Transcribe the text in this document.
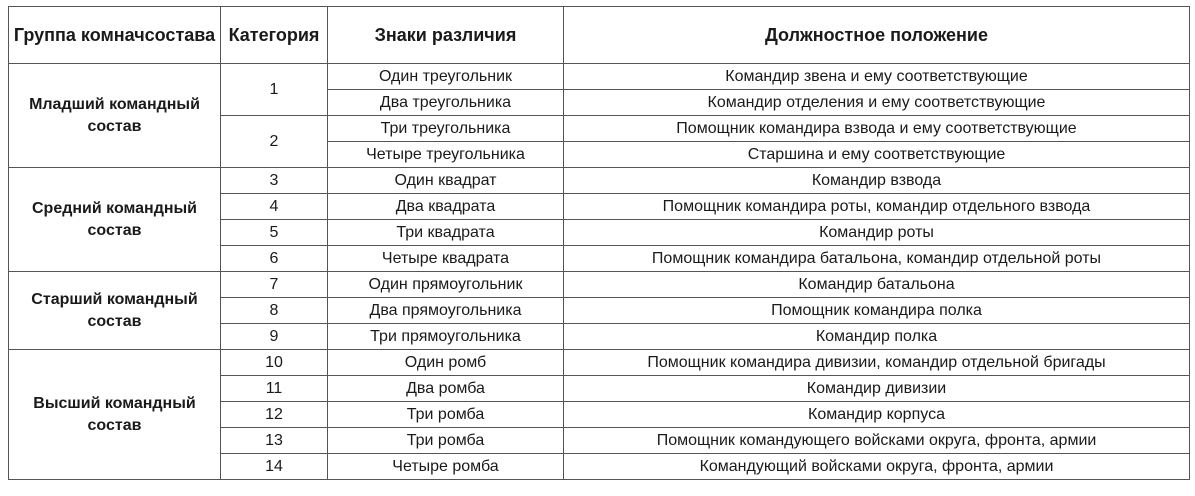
Группа комначсостава	Категория	Знаки различия	Должностное положение
Младший командный состав	1	Один треугольник	Командир звена и ему соответствующие
		Два треугольника	Командир отделения и ему соответствующие
	2	Три треугольника	Помощник командира взвода и ему соответствующие
		Четыре треугольника	Старшина и ему соответствующие
Средний командный состав	3	Один квадрат	Командир взвода
	4	Два квадрата	Помощник командира роты, командир отдельного взвода
	5	Три квадрата	Командир роты
	6	Четыре квадрата	Помощник командира батальона, командир отдельной роты
Старший командный состав	7	Один прямоугольник	Командир батальона
	8	Два прямоугольника	Помощник командира полка
	9	Три прямоугольника	Командир полка
Высший командный состав	10	Один ромб	Помощник командира дивизии, командир отдельной бригады
	11	Два ромба	Командир дивизии
	12	Три ромба	Командир корпуса
	13	Три ромба	Помощник командующего войсками округа, фронта, армии
	14	Четыре ромба	Командующий войсками округа, фронта, армии
